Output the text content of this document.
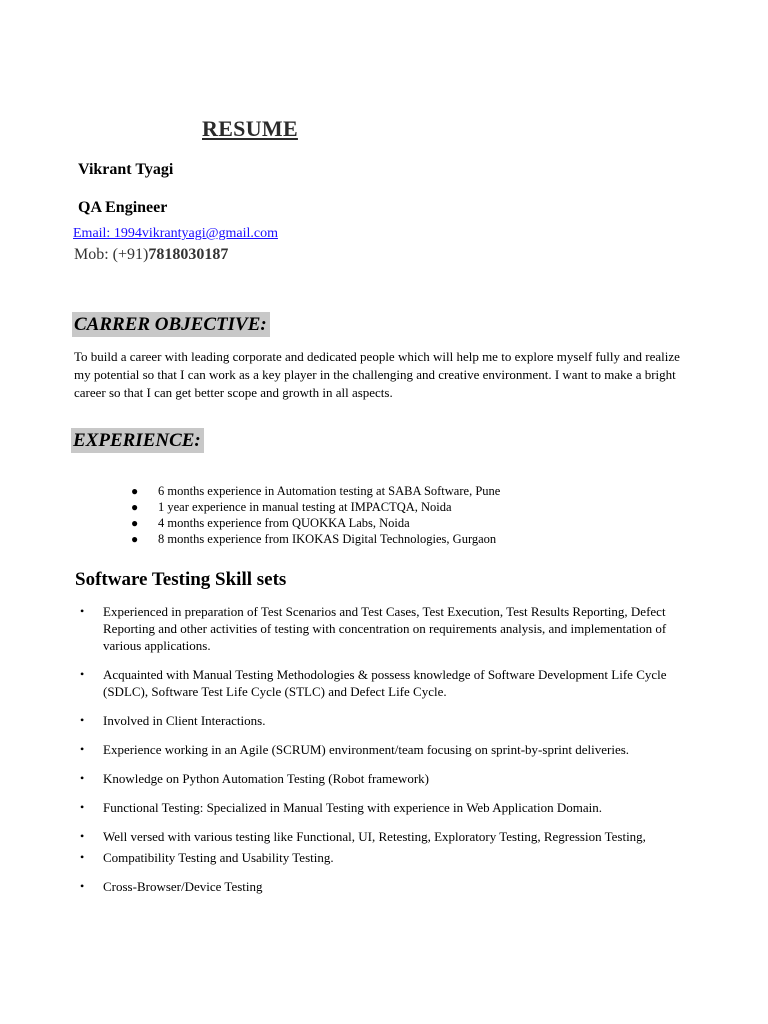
RESUME
Vikrant Tyagi
QA Engineer
Email: 1994vikrantyagi@gmail.com
Mob: (+91)7818030187
CARRER OBJECTIVE:
To build a career with leading corporate and dedicated people which will help me to explore myself fully and realize my potential so that I can work as a key player in the challenging and creative environment. I want to make a bright career so that I can get better scope and growth in all aspects.
EXPERIENCE:
● 6 months experience in Automation testing at SABA Software, Pune
● 1 year experience in manual testing at IMPACTQA, Noida
● 4 months experience from QUOKKA Labs, Noida
● 8 months experience from IKOKAS Digital Technologies, Gurgaon
Software Testing Skill sets
• Experienced in preparation of Test Scenarios and Test Cases, Test Execution, Test Results Reporting, Defect Reporting and other activities of testing with concentration on requirements analysis, and implementation of various applications.
• Acquainted with Manual Testing Methodologies & possess knowledge of Software Development Life Cycle (SDLC), Software Test Life Cycle (STLC) and Defect Life Cycle.
• Involved in Client Interactions.
• Experience working in an Agile (SCRUM) environment/team focusing on sprint-by-sprint deliveries.
• Knowledge on Python Automation Testing (Robot framework)
• Functional Testing: Specialized in Manual Testing with experience in Web Application Domain.
• Well versed with various testing like Functional, UI, Retesting, Exploratory Testing, Regression Testing,
• Compatibility Testing and Usability Testing.
• Cross-Browser/Device Testing
